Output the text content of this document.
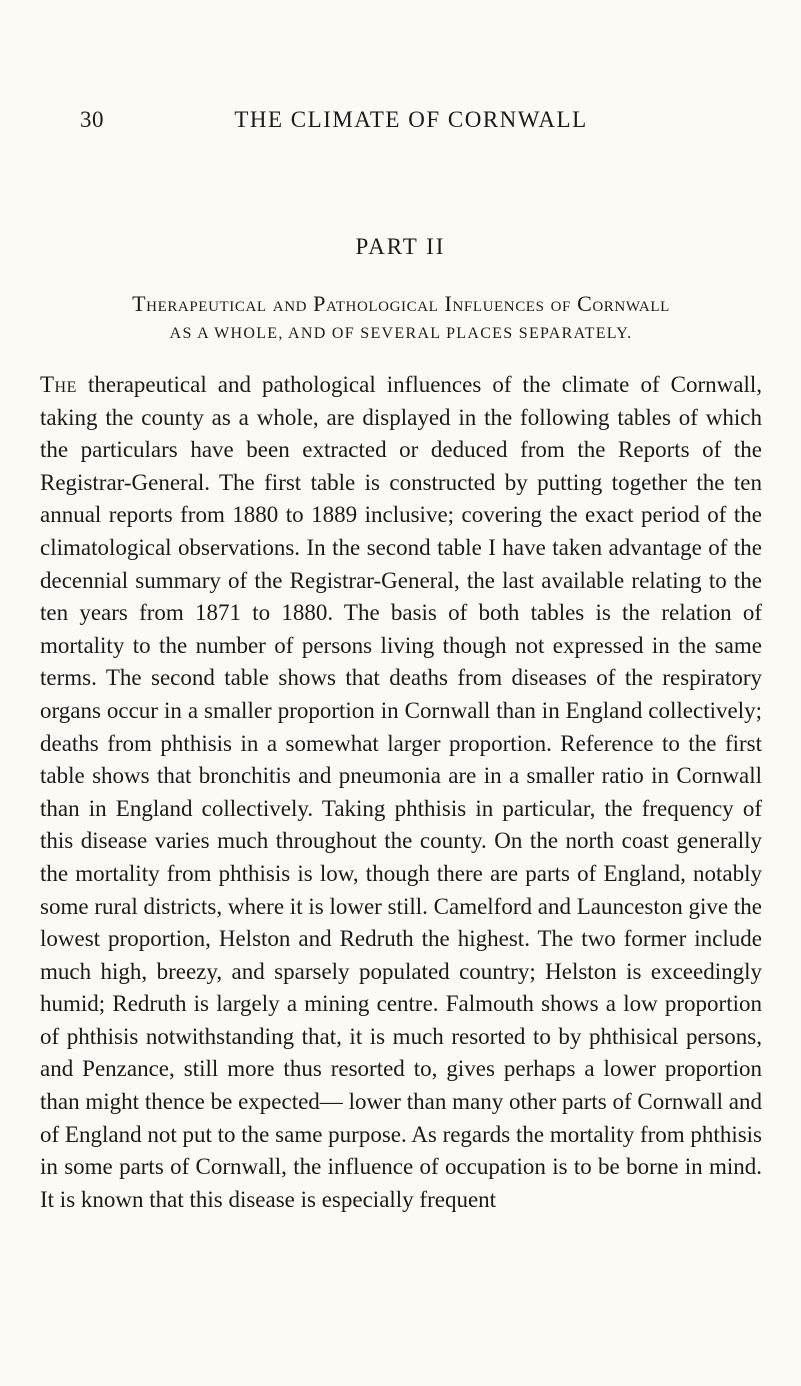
30	THE CLIMATE OF CORNWALL
PART II
Therapeutical and Pathological Influences of Cornwall
AS A WHOLE, AND OF SEVERAL PLACES SEPARATELY.

The therapeutical and pathological influences of the climate of Cornwall, taking the county as a whole, are displayed in the following tables of which the particulars have been extracted or deduced from the Reports of the Registrar-General. The first table is constructed by putting together the ten annual reports from 1880 to 1889 inclusive; covering the exact period of the climatological observations. In the second table I have taken advantage of the decennial summary of the Registrar-General, the last available relating to the ten years from 1871 to 1880. The basis of both tables is the relation of mortality to the number of persons living though not expressed in the same terms. The second table shows that deaths from diseases of the respiratory organs occur in a smaller proportion in Cornwall than in England collectively; deaths from phthisis in a somewhat larger proportion. Reference to the first table shows that bronchitis and pneumonia are in a smaller ratio in Cornwall than in England collectively. Taking phthisis in particular, the frequency of this disease varies much throughout the county. On the north coast generally the mortality from phthisis is low, though there are parts of England, notably some rural districts, where it is lower still. Camelford and Launceston give the lowest proportion, Helston and Redruth the highest. The two former include much high, breezy, and sparsely populated country; Helston is exceedingly humid; Redruth is largely a mining centre. Falmouth shows a low proportion of phthisis notwithstanding that, it is much resorted to by phthisical persons, and Penzance, still more thus resorted to, gives perhaps a lower proportion than might thence be expected— lower than many other parts of Cornwall and of England not put to the same purpose. As regards the mortality from phthisis in some parts of Cornwall, the influence of occupation is to be borne in mind. It is known that this disease is especially frequent
